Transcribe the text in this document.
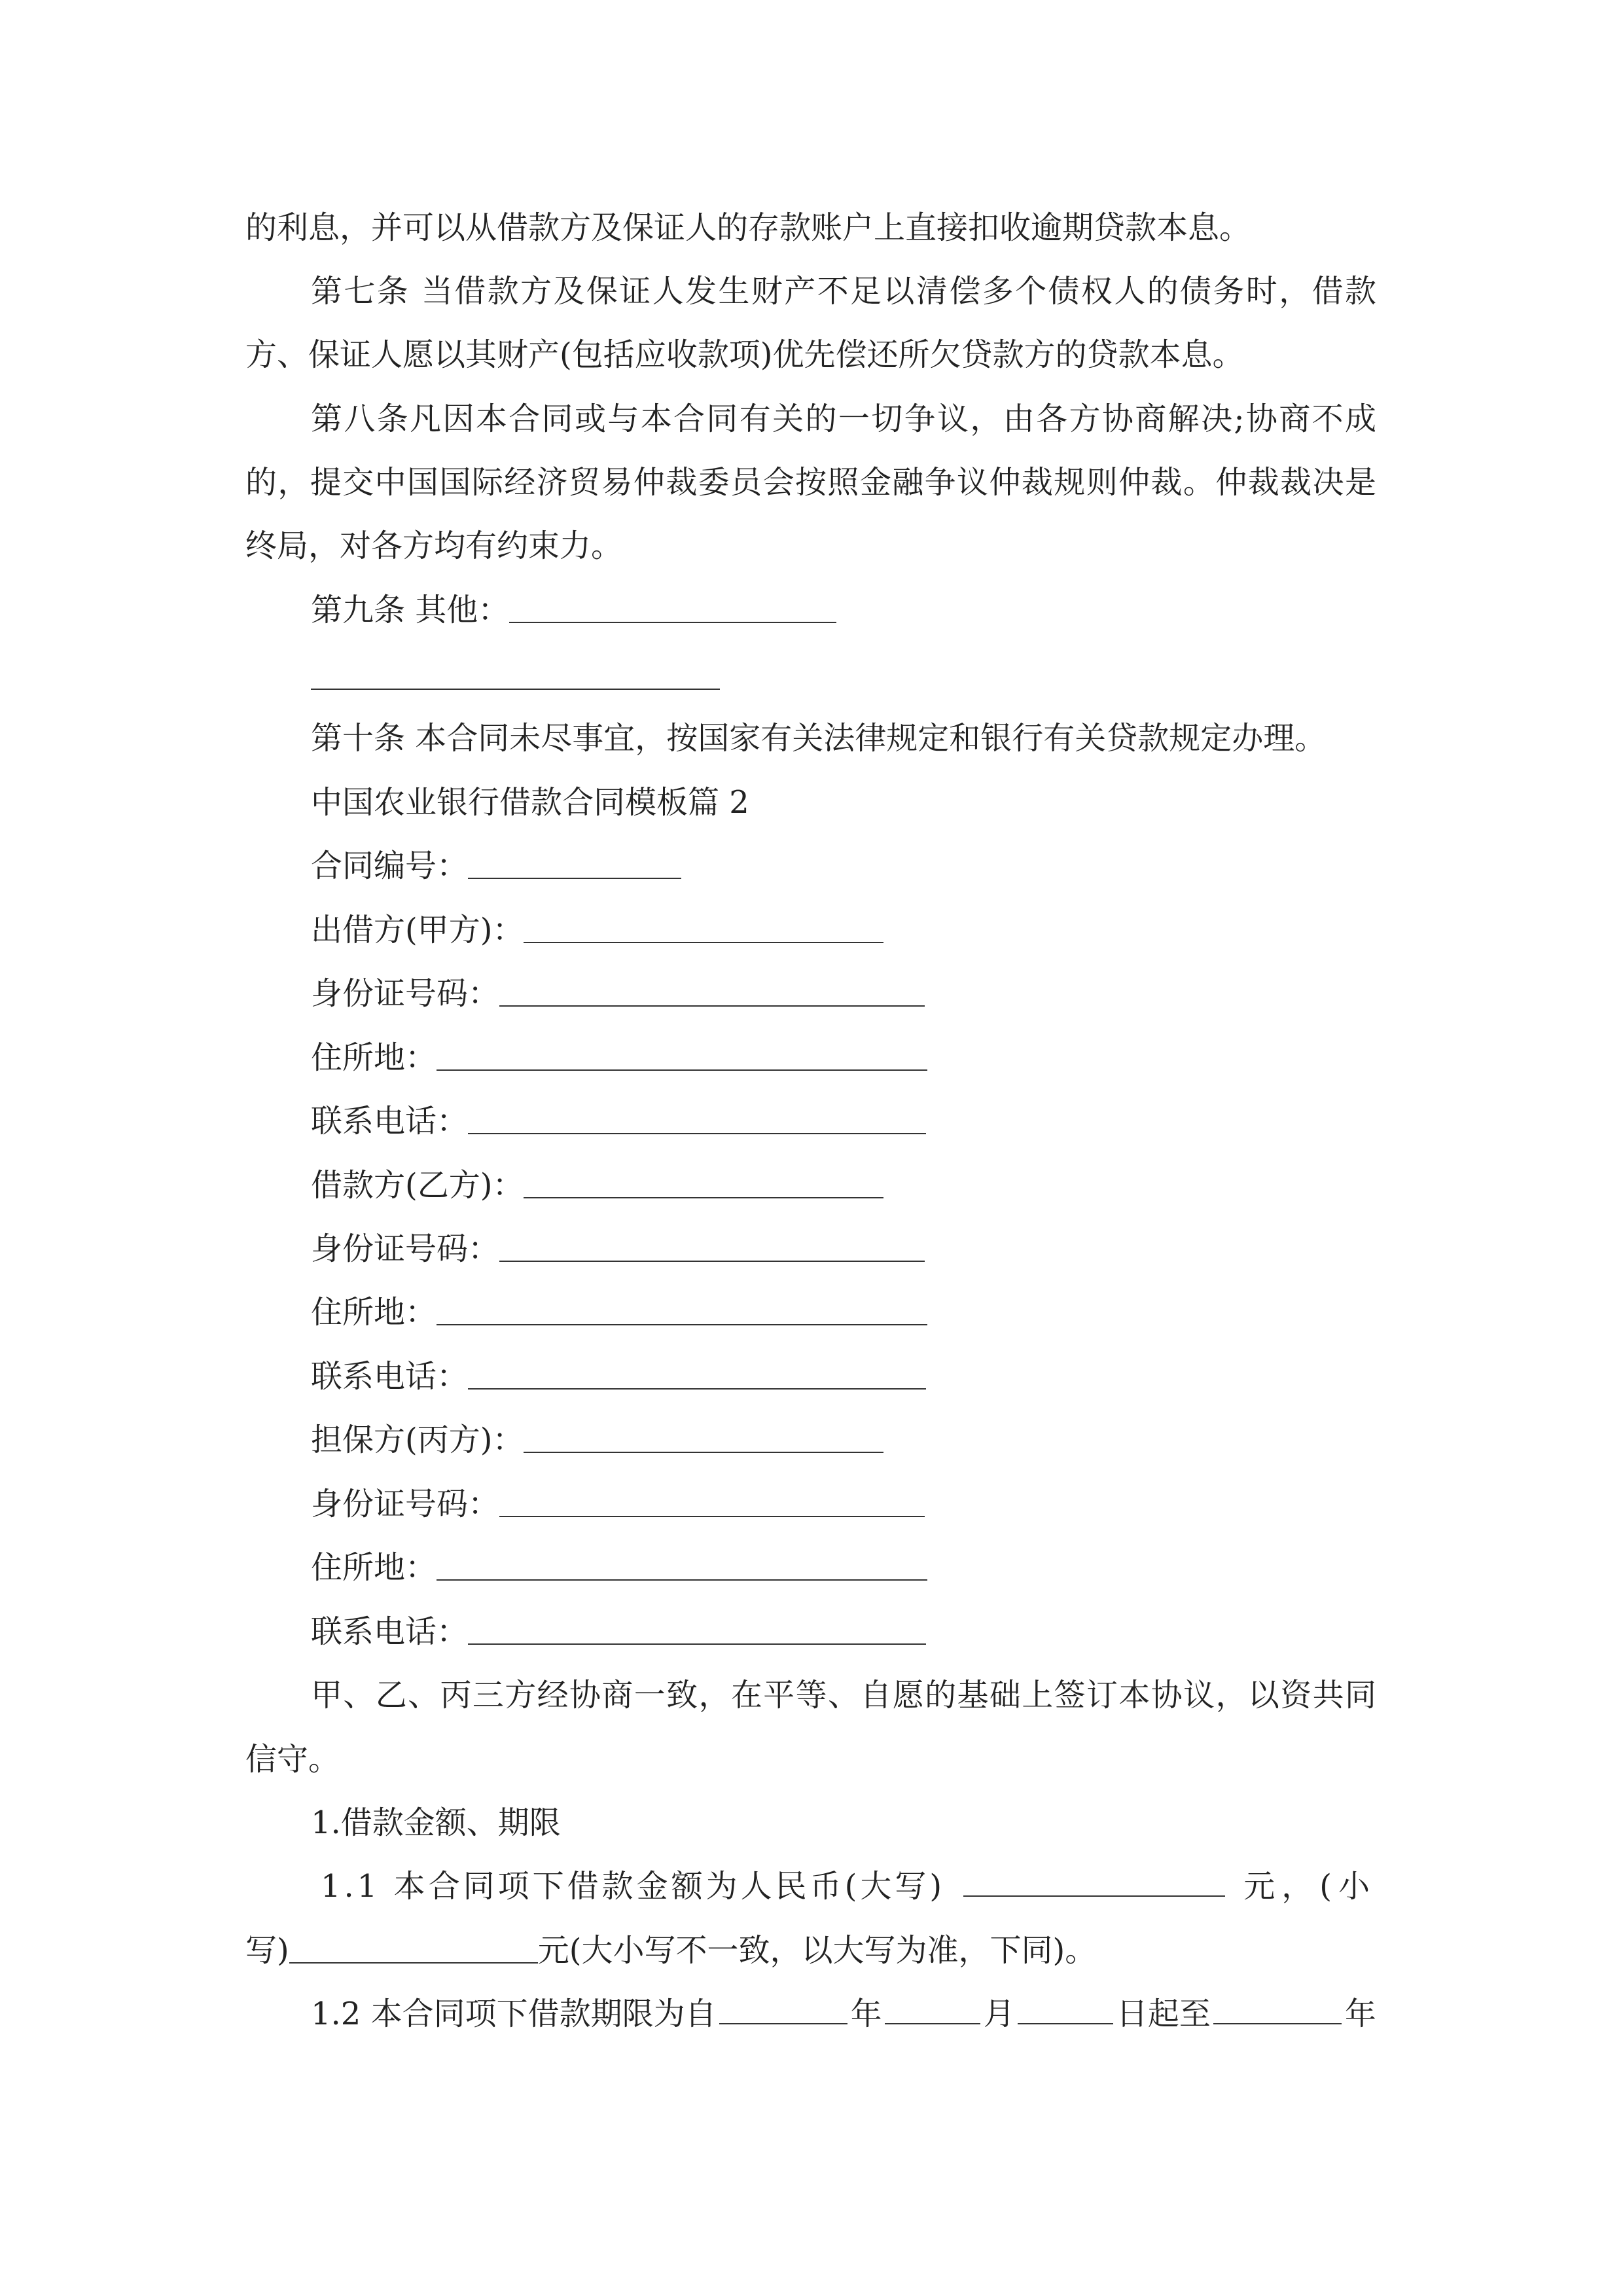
的利息，并可以从借款方及保证人的存款账户上直接扣收逾期贷款本息。
第七条 当借款方及保证人发生财产不足以清偿多个债权人的债务时，借款
方、保证人愿以其财产(包括应收款项)优先偿还所欠贷款方的贷款本息。
第八条凡因本合同或与本合同有关的一切争议，由各方协商解决;协商不成
的，提交中国国际经济贸易仲裁委员会按照金融争议仲裁规则仲裁。仲裁裁决是
终局，对各方均有约束力。
第九条 其他：
第十条 本合同未尽事宜，按国家有关法律规定和银行有关贷款规定办理。
中国农业银行借款合同模板篇 2
合同编号：
出借方(甲方)：
身份证号码：
住所地：
联系电话：
借款方(乙方)：
身份证号码：
住所地：
联系电话：
担保方(丙方)：
身份证号码：
住所地：
联系电话：
甲、乙、丙三方经协商一致，在平等、自愿的基础上签订本协议，以资共同
信守。
1.借款金额、期限
1.1 本合同项下借款金额为人民币(大写)	元，(小
写)	元(大小写不一致，以大写为准，下同)。
1.2 本合同项下借款期限为自	年	月	日起至	年
